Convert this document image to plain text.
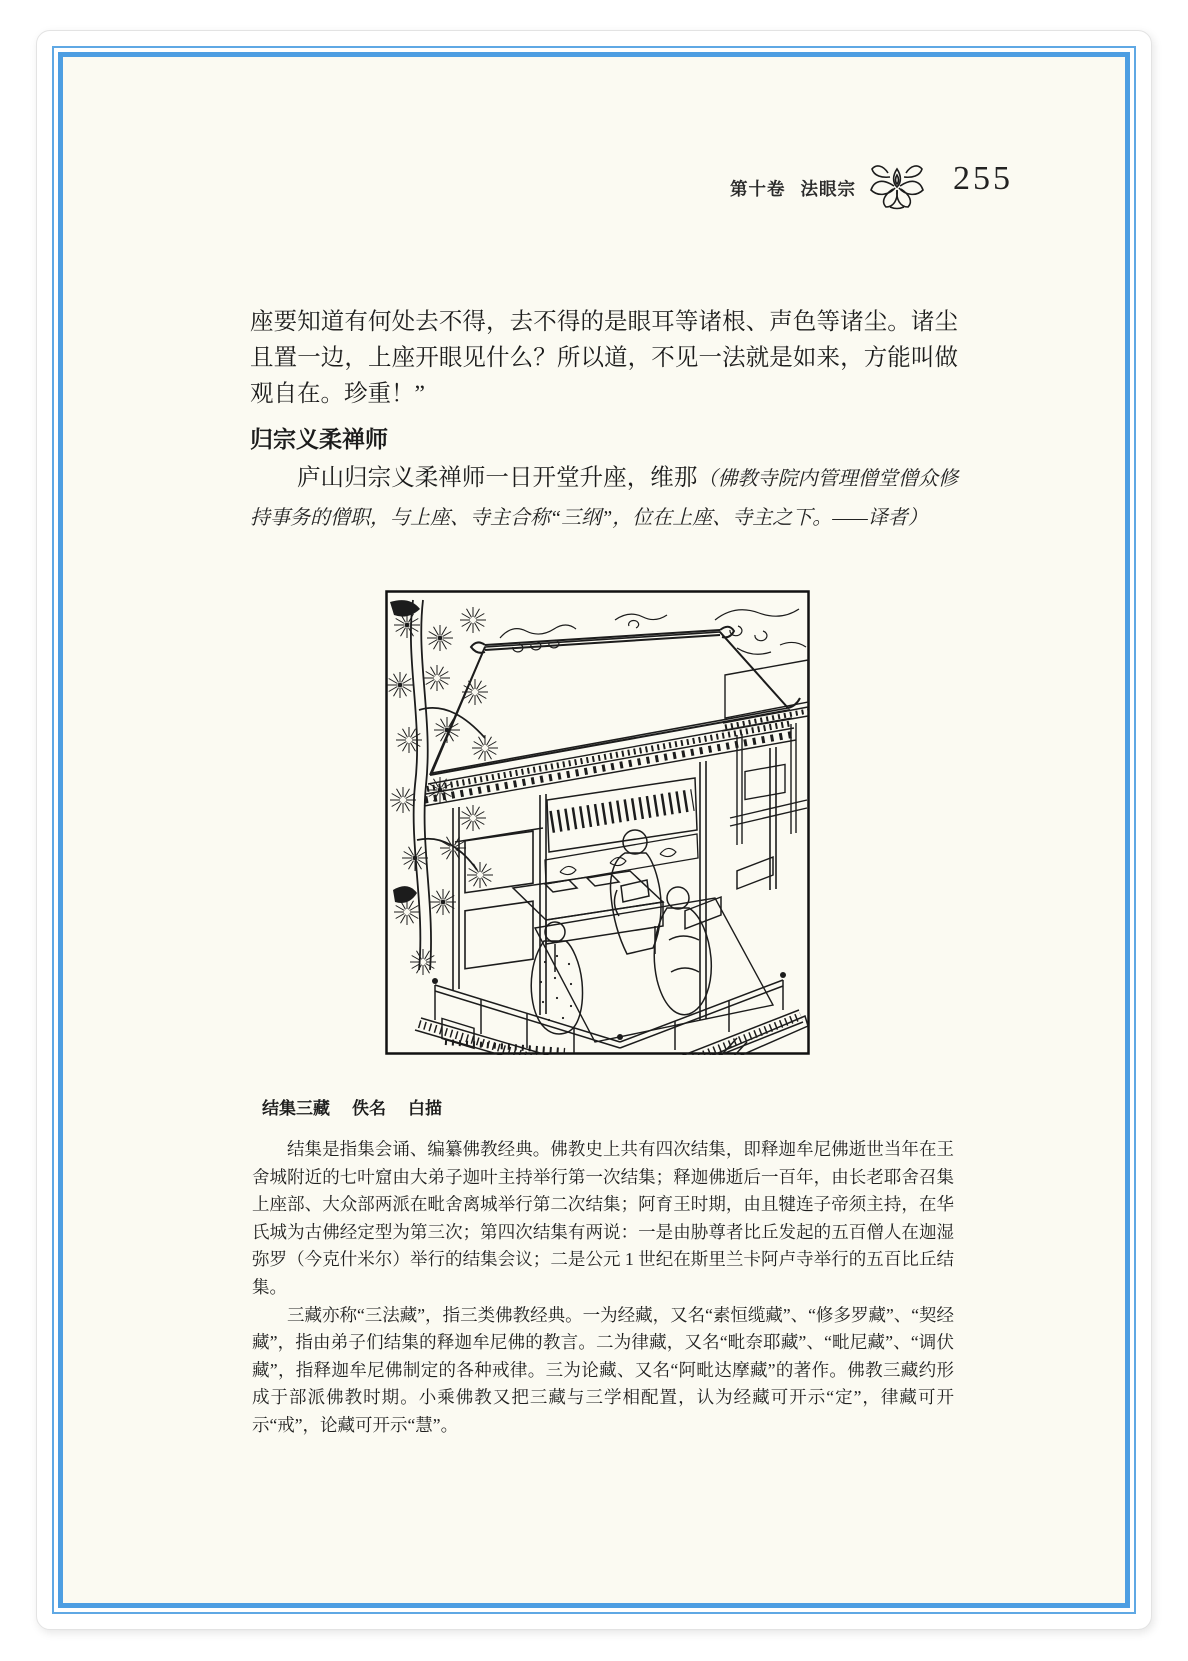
第十卷 法眼宗	255

座要知道有何处去不得，去不得的是眼耳等诸根、声色等诸尘。诸尘且置一边，上座开眼见什么？所以道，不见一法就是如来，方能叫做观自在。珍重！”

归宗义柔禅师

庐山归宗义柔禅师一日开堂升座，维那（佛教寺院内管理僧堂僧众修持事务的僧职，与上座、寺主合称“三纲”，位在上座、寺主之下。——译者）

结集三藏 佚名 白描

结集是指集会诵、编纂佛教经典。佛教史上共有四次结集，即释迦牟尼佛逝世当年在王舍城附近的七叶窟由大弟子迦叶主持举行第一次结集；释迦佛逝后一百年，由长老耶舍召集上座部、大众部两派在毗舍离城举行第二次结集；阿育王时期，由且犍连子帝须主持，在华氏城为古佛经定型为第三次；第四次结集有两说：一是由胁尊者比丘发起的五百僧人在迦湿弥罗（今克什米尔）举行的结集会议；二是公元 1 世纪在斯里兰卡阿卢寺举行的五百比丘结集。

三藏亦称“三法藏”，指三类佛教经典。一为经藏，又名“素恒缆藏”、“修多罗藏”、“契经藏”，指由弟子们结集的释迦牟尼佛的教言。二为律藏，又名“毗奈耶藏”、“毗尼藏”、“调伏藏”，指释迦牟尼佛制定的各种戒律。三为论藏、又名“阿毗达摩藏”的著作。佛教三藏约形成于部派佛教时期。小乘佛教又把三藏与三学相配置，认为经藏可开示“定”，律藏可开示“戒”，论藏可开示“慧”。
